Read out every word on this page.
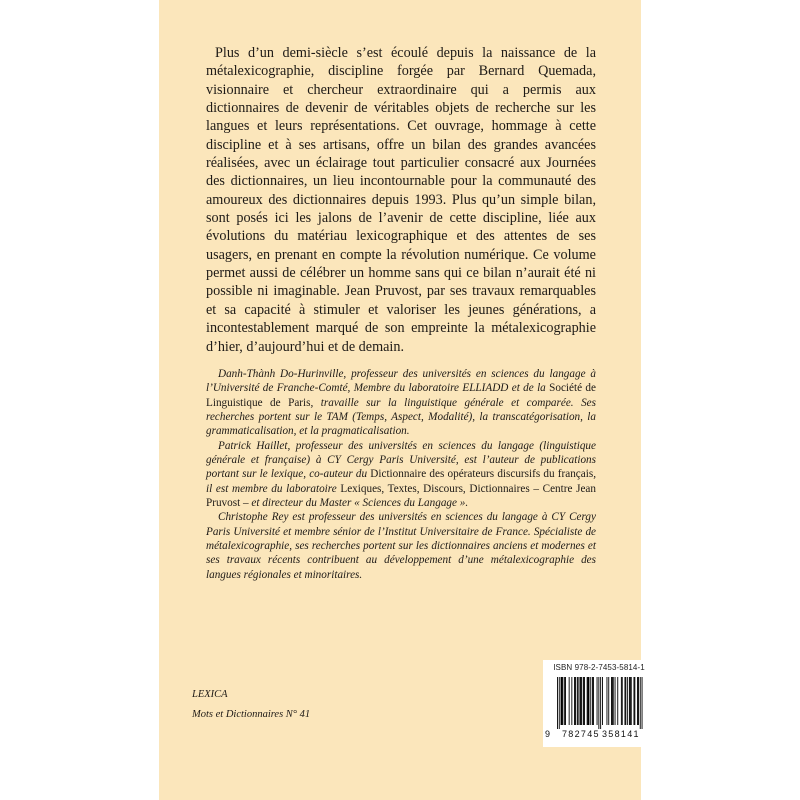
Plus d’un demi-siècle s’est écoulé depuis la naissance de la métalexicographie, discipline forgée par Bernard Quemada, visionnaire et chercheur extraordinaire qui a permis aux dictionnaires de devenir de véritables objets de recherche sur les langues et leurs représentations. Cet ouvrage, hommage à cette discipline et à ses artisans, offre un bilan des grandes avancées réalisées, avec un éclairage tout particulier consacré aux Journées des dictionnaires, un lieu incontournable pour la communauté des amoureux des dictionnaires depuis 1993. Plus qu’un simple bilan, sont posés ici les jalons de l’avenir de cette discipline, liée aux évolutions du matériau lexicographique et des attentes de ses usagers, en prenant en compte la révolution numérique. Ce volume permet aussi de célébrer un homme sans qui ce bilan n’aurait été ni possible ni imaginable. Jean Pruvost, par ses travaux remarquables et sa capacité à stimuler et valoriser les jeunes générations, a incontestablement marqué de son empreinte la métalexicographie d’hier, d’aujourd’hui et de demain.

Danh-Thành Do-Hurinville, professeur des universités en sciences du langage à l’Université de Franche-Comté, Membre du laboratoire ELLIADD et de la Société de Linguistique de Paris, travaille sur la linguistique générale et comparée. Ses recherches portent sur le TAM (Temps, Aspect, Modalité), la transcatégorisation, la grammaticalisation, et la pragmaticalisation.

Patrick Haillet, professeur des universités en sciences du langage (linguistique générale et française) à CY Cergy Paris Université, est l’auteur de publications portant sur le lexique, co-auteur du Dictionnaire des opérateurs discursifs du français, il est membre du laboratoire Lexiques, Textes, Discours, Dictionnaires – Centre Jean Pruvost – et directeur du Master « Sciences du Langage ».

Christophe Rey est professeur des universités en sciences du langage à CY Cergy Paris Université et membre sénior de l’Institut Universitaire de France. Spécialiste de métalexicographie, ses recherches portent sur les dictionnaires anciens et modernes et ses travaux récents contribuent au développement d’une métalexicographie des langues régionales et minoritaires.

LEXICA
Mots et Dictionnaires N° 41
ISBN 978-2-7453-5814-1
9 7 8 2 7 4 5 3 5 8 1 4 1
